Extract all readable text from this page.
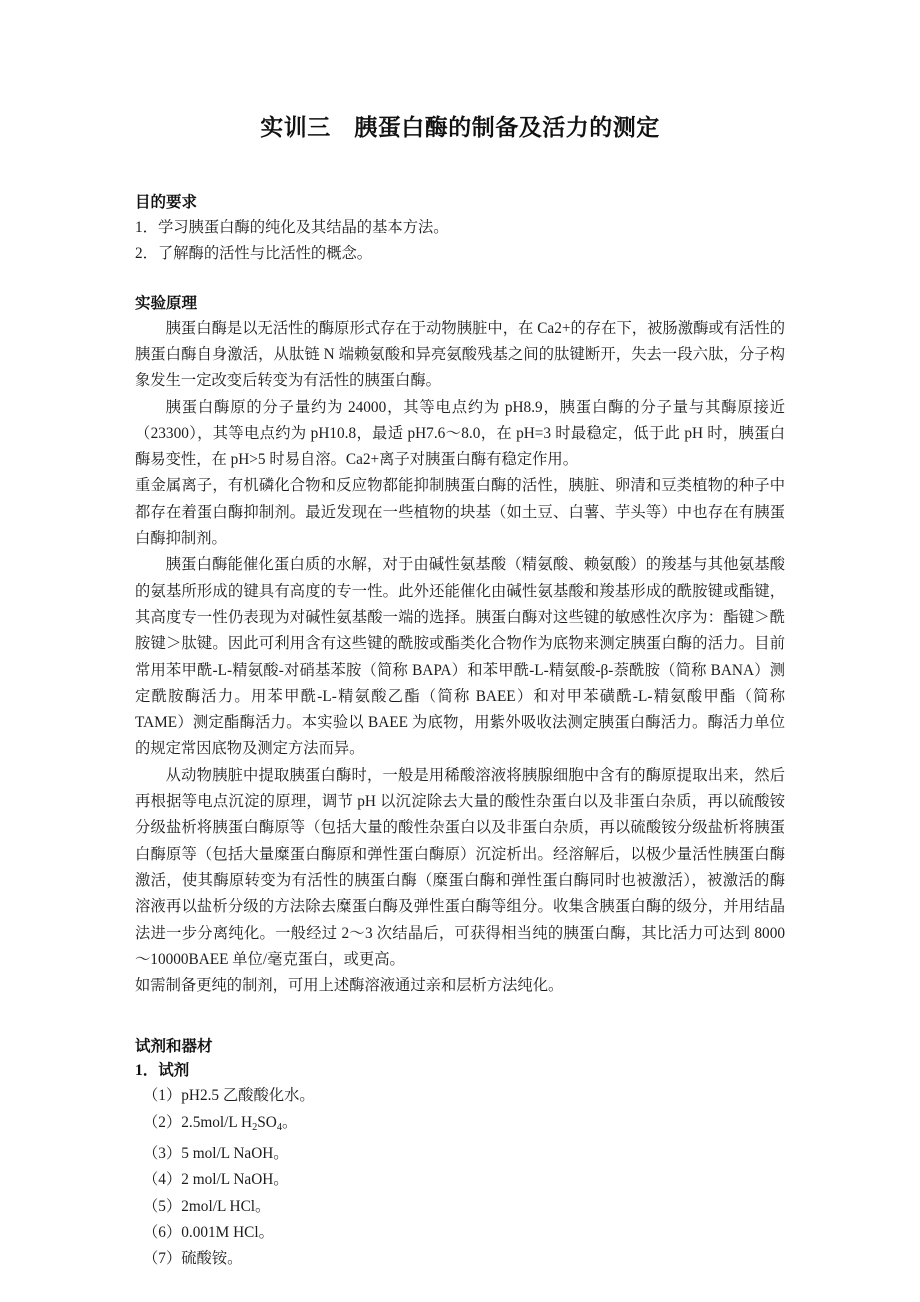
实训三　胰蛋白酶的制备及活力的测定
目的要求

1．学习胰蛋白酶的纯化及其结晶的基本方法。

2．了解酶的活性与比活性的概念。

实验原理

胰蛋白酶是以无活性的酶原形式存在于动物胰脏中，在 Ca2+的存在下，被肠激酶或有活性的胰蛋白酶自身激活，从肽链 N 端赖氨酸和异亮氨酸残基之间的肽键断开，失去一段六肽，分子构象发生一定改变后转变为有活性的胰蛋白酶。

胰蛋白酶原的分子量约为 24000，其等电点约为 pH8.9，胰蛋白酶的分子量与其酶原接近（23300），其等电点约为 pH10.8，最适 pH7.6～8.0，在 pH=3 时最稳定，低于此 pH 时，胰蛋白酶易变性，在 pH>5 时易自溶。Ca2+离子对胰蛋白酶有稳定作用。

重金属离子，有机磷化合物和反应物都能抑制胰蛋白酶的活性，胰脏、卵清和豆类植物的种子中都存在着蛋白酶抑制剂。最近发现在一些植物的块基（如土豆、白薯、芋头等）中也存在有胰蛋白酶抑制剂。

胰蛋白酶能催化蛋白质的水解，对于由碱性氨基酸（精氨酸、赖氨酸）的羧基与其他氨基酸的氨基所形成的键具有高度的专一性。此外还能催化由碱性氨基酸和羧基形成的酰胺键或酯键，其高度专一性仍表现为对碱性氨基酸一端的选择。胰蛋白酶对这些键的敏感性次序为：酯键＞酰胺键＞肽键。因此可利用含有这些键的酰胺或酯类化合物作为底物来测定胰蛋白酶的活力。目前常用苯甲酰-L-精氨酸-对硝基苯胺（简称 BAPA）和苯甲酰-L-精氨酸-β-萘酰胺（简称 BANA）测定酰胺酶活力。用苯甲酰-L-精氨酸乙酯（简称 BAEE）和对甲苯磺酰-L-精氨酸甲酯（简称 TAME）测定酯酶活力。本实验以 BAEE 为底物，用紫外吸收法测定胰蛋白酶活力。酶活力单位的规定常因底物及测定方法而异。

从动物胰脏中提取胰蛋白酶时，一般是用稀酸溶液将胰腺细胞中含有的酶原提取出来，然后再根据等电点沉淀的原理，调节 pH 以沉淀除去大量的酸性杂蛋白以及非蛋白杂质，再以硫酸铵分级盐析将胰蛋白酶原等（包括大量的酸性杂蛋白以及非蛋白杂质，再以硫酸铵分级盐析将胰蛋白酶原等（包括大量糜蛋白酶原和弹性蛋白酶原）沉淀析出。经溶解后，以极少量活性胰蛋白酶激活，使其酶原转变为有活性的胰蛋白酶（糜蛋白酶和弹性蛋白酶同时也被激活），被激活的酶溶液再以盐析分级的方法除去糜蛋白酶及弹性蛋白酶等组分。收集含胰蛋白酶的级分，并用结晶法进一步分离纯化。一般经过 2～3 次结晶后，可获得相当纯的胰蛋白酶，其比活力可达到 8000～10000BAEE 单位/毫克蛋白，或更高。

如需制备更纯的制剂，可用上述酶溶液通过亲和层析方法纯化。

试剂和器材
1．试剂

（1）pH2.5 乙酸酸化水。

（2）2.5mol/L $H_2SO_4$。

（3）5 mol/L NaOH。

（4）2 mol/L NaOH。

（5）2mol/L HCl。

（6）0.001M HCl。

（7）硫酸铵。
